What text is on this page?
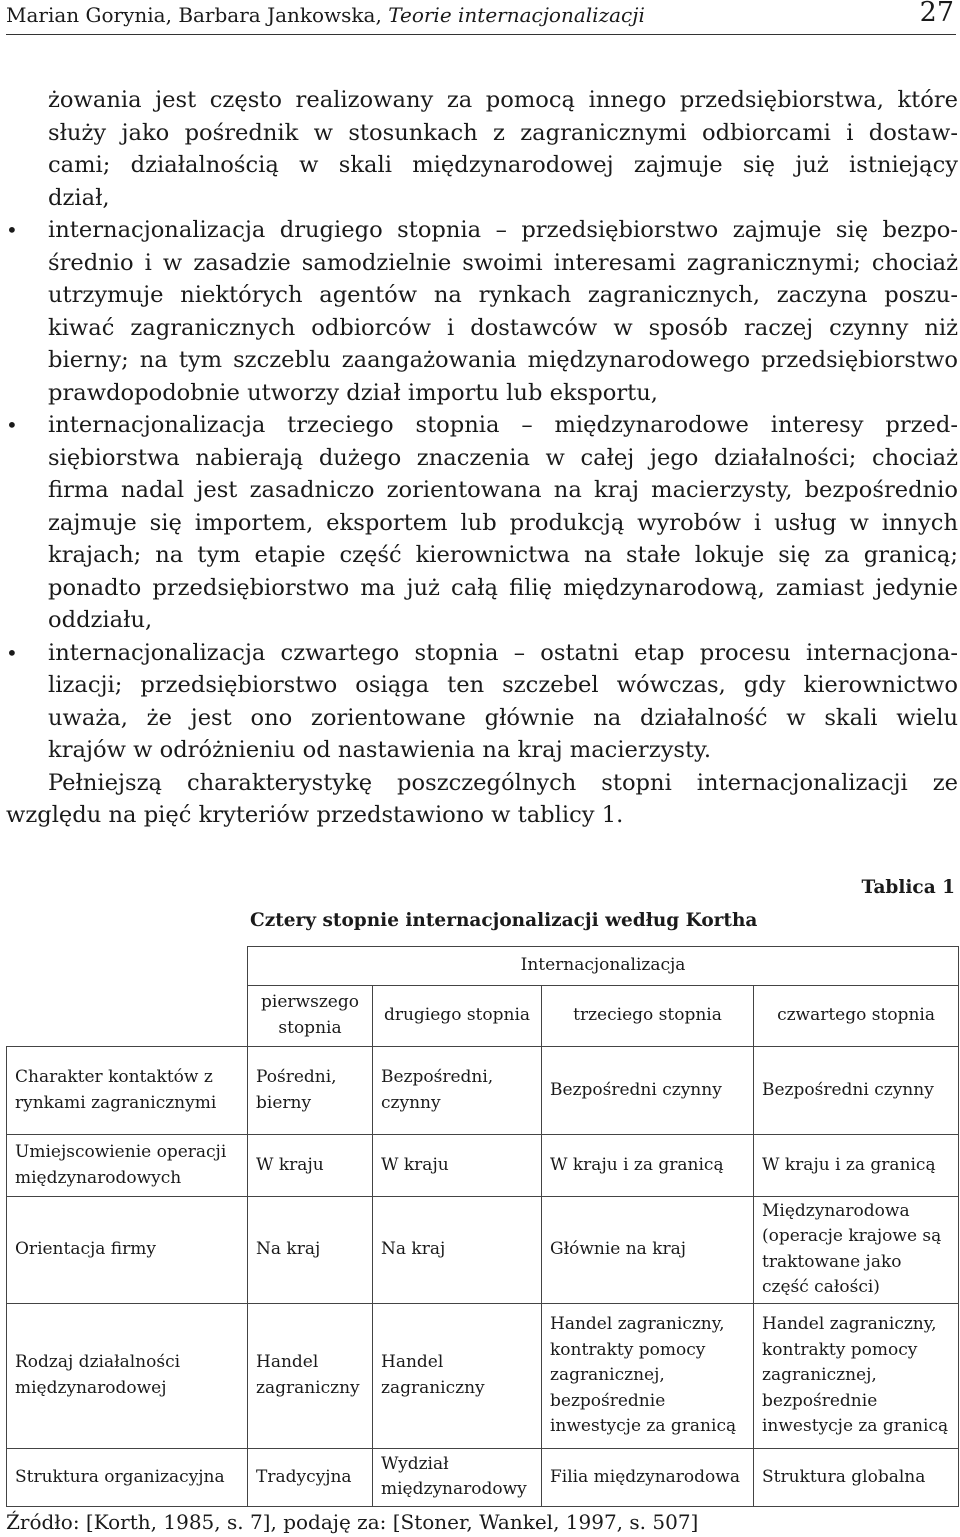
Marian Gorynia, Barbara Jankowska, Teorie internacjonalizacji	27
żowania jest często realizowany za pomocą innego przedsiębiorstwa, które
służy jako pośrednik w stosunkach z zagranicznymi odbiorcami i dostaw-
cami; działalnością w skali międzynarodowej zajmuje się już istniejący
dział,
• internacjonalizacja drugiego stopnia – przedsiębiorstwo zajmuje się bezpo-
średnio i w zasadzie samodzielnie swoimi interesami zagranicznymi; chociaż
utrzymuje niektórych agentów na rynkach zagranicznych, zaczyna poszu-
kiwać zagranicznych odbiorców i dostawców w sposób raczej czynny niż
bierny; na tym szczeblu zaangażowania międzynarodowego przedsiębiorstwo
prawdopodobnie utworzy dział importu lub eksportu,
• internacjonalizacja trzeciego stopnia – międzynarodowe interesy przed-
siębiorstwa nabierają dużego znaczenia w całej jego działalności; chociaż
firma nadal jest zasadniczo zorientowana na kraj macierzysty, bezpośrednio
zajmuje się importem, eksportem lub produkcją wyrobów i usług w innych
krajach; na tym etapie część kierownictwa na stałe lokuje się za granicą;
ponadto przedsiębiorstwo ma już całą filię międzynarodową, zamiast jedynie
oddziału,
• internacjonalizacja czwartego stopnia – ostatni etap procesu internacjona-
lizacji; przedsiębiorstwo osiąga ten szczebel wówczas, gdy kierownictwo
uważa, że jest ono zorientowane głównie na działalność w skali wielu
krajów w odróżnieniu od nastawienia na kraj macierzysty.
Pełniejszą charakterystykę poszczególnych stopni internacjonalizacji ze
względu na pięć kryteriów przedstawiono w tablicy 1.
Tablica 1
Cztery stopnie internacjonalizacji według Kortha
	Internacjonalizacja			
	pierwszego stopnia	drugiego stopnia	trzeciego stopnia	czwartego stopnia
Charakter kontaktów z rynkami zagranicznymi	Pośredni, bierny	Bezpośredni, czynny	Bezpośredni czynny	Bezpośredni czynny
Umiejscowienie operacji międzynarodowych	W kraju	W kraju	W kraju i za granicą	W kraju i za granicą
Orientacja firmy	Na kraj	Na kraj	Głównie na kraj	Międzynarodowa (operacje krajowe są traktowane jako część całości)
Rodzaj działalności międzynarodowej	Handel zagraniczny	Handel zagraniczny	Handel zagraniczny, kontrakty pomocy zagranicznej, bezpośrednie inwestycje za granicą	Handel zagraniczny, kontrakty pomocy zagranicznej, bezpośrednie inwestycje za granicą
Struktura organizacyjna	Tradycyjna	Wydział międzynarodowy	Filia międzynarodowa	Struktura globalna
Źródło: [Korth, 1985, s. 7], podaję za: [Stoner, Wankel, 1997, s. 507]
